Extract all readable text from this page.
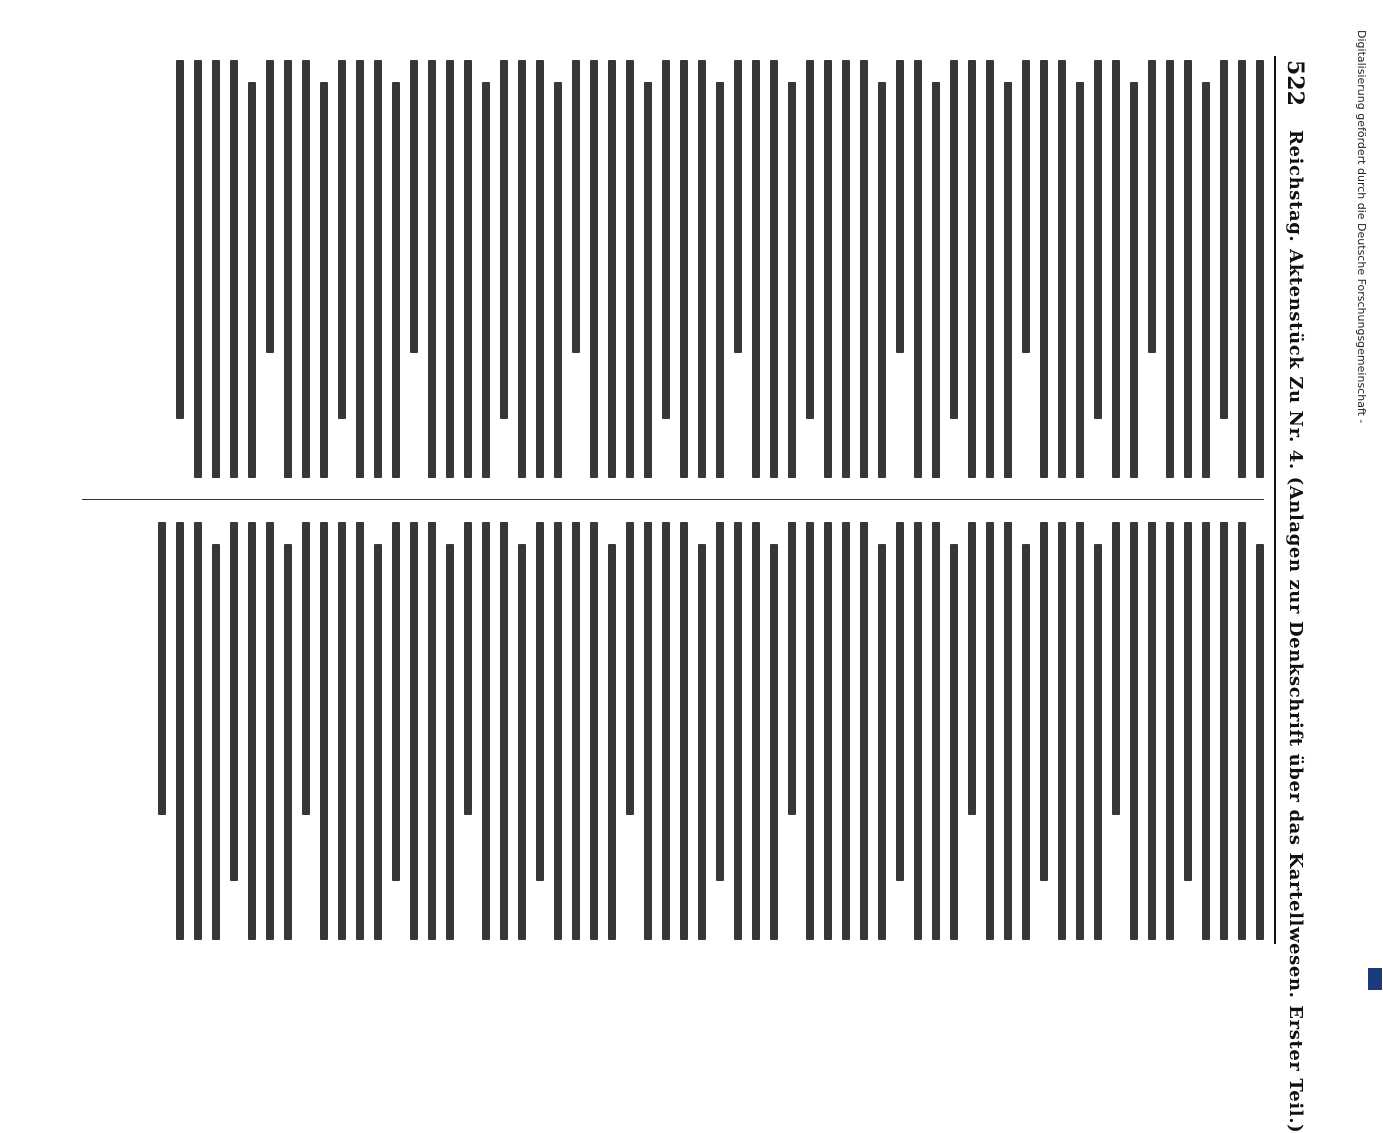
522
Reichstag. Aktenstück Zu Nr. 4. (Anlagen zur Denkschrift über das Kartellwesen. Erster Teil.)	Digitalisierung gefördert durch die Deutsche Forschungsgemeinschaft -
